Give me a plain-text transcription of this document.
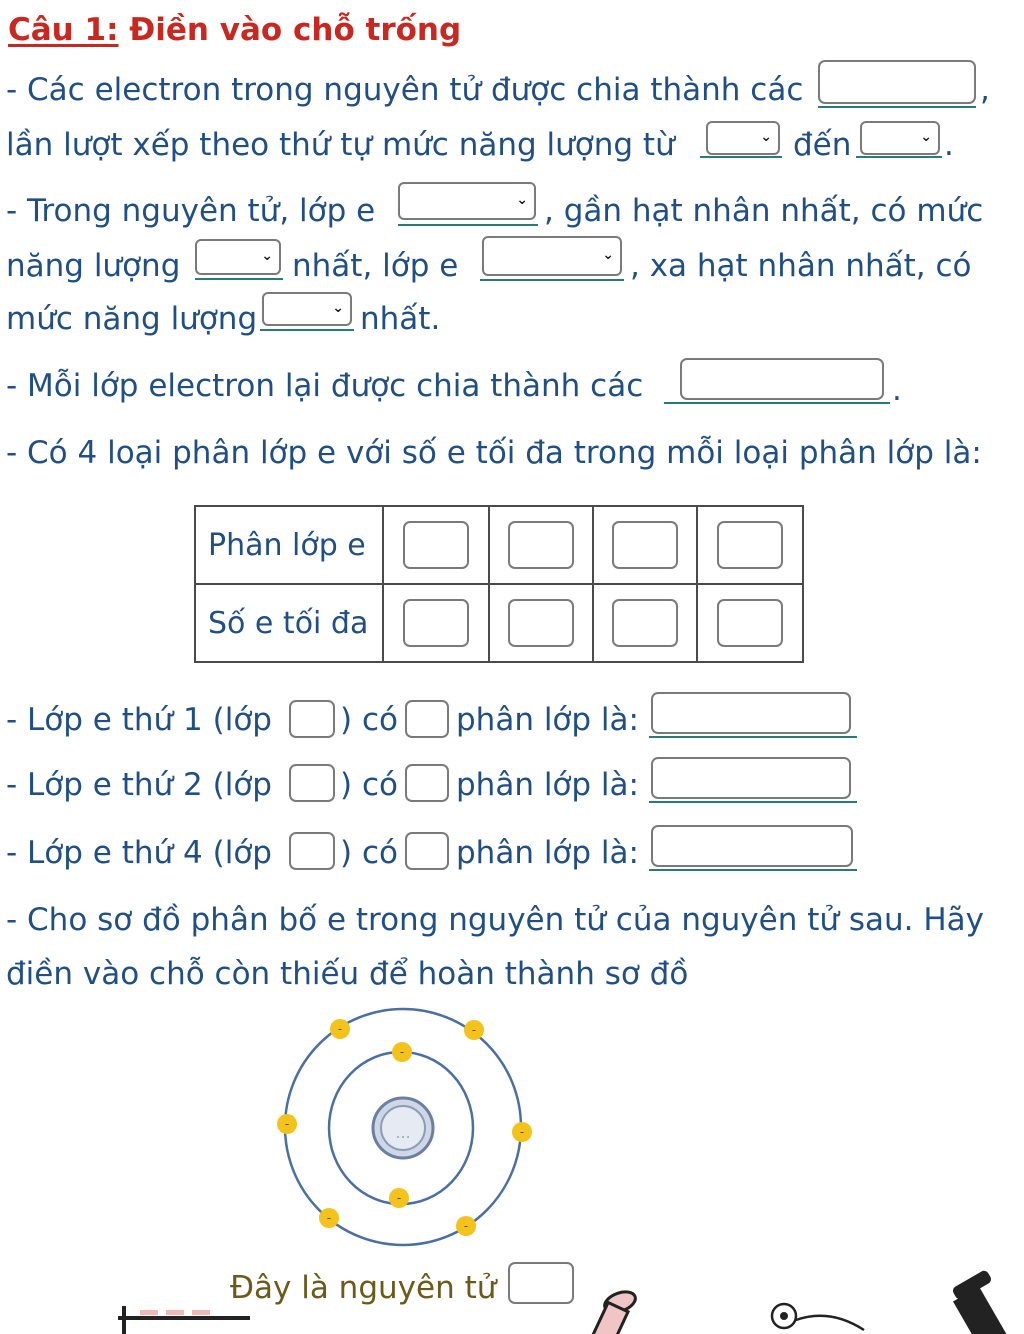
Câu 1: Điền vào chỗ trống
- Các electron trong nguyên tử được chia thành các	,
lần lượt xếp theo thứ tự mức năng lượng từ	⌄ đến	⌄ .
- Trong nguyên tử, lớp e	⌄ , gần hạt nhân nhất, có mức
năng lượng	⌄ nhất, lớp e	⌄ , xa hạt nhân nhất, có
mức năng lượng	⌄ nhất.
- Mỗi lớp electron lại được chia thành các	.
- Có 4 loại phân lớp e với số e tối đa trong mỗi loại phân lớp là:
Phân lớp e	

Số e tối đa	

- Lớp e thứ 1 (lớp ) có phân lớp là:
- Lớp e thứ 2 (lớp ) có phân lớp là:
- Lớp e thứ 4 (lớp ) có phân lớp là:
- Cho sơ đồ phân bố e trong nguyên tử của nguyên tử sau. Hãy
điền vào chỗ còn thiếu để hoàn thành sơ đồ
...
-	-
-
-
-
-
-
-
Đây là nguyên tử
